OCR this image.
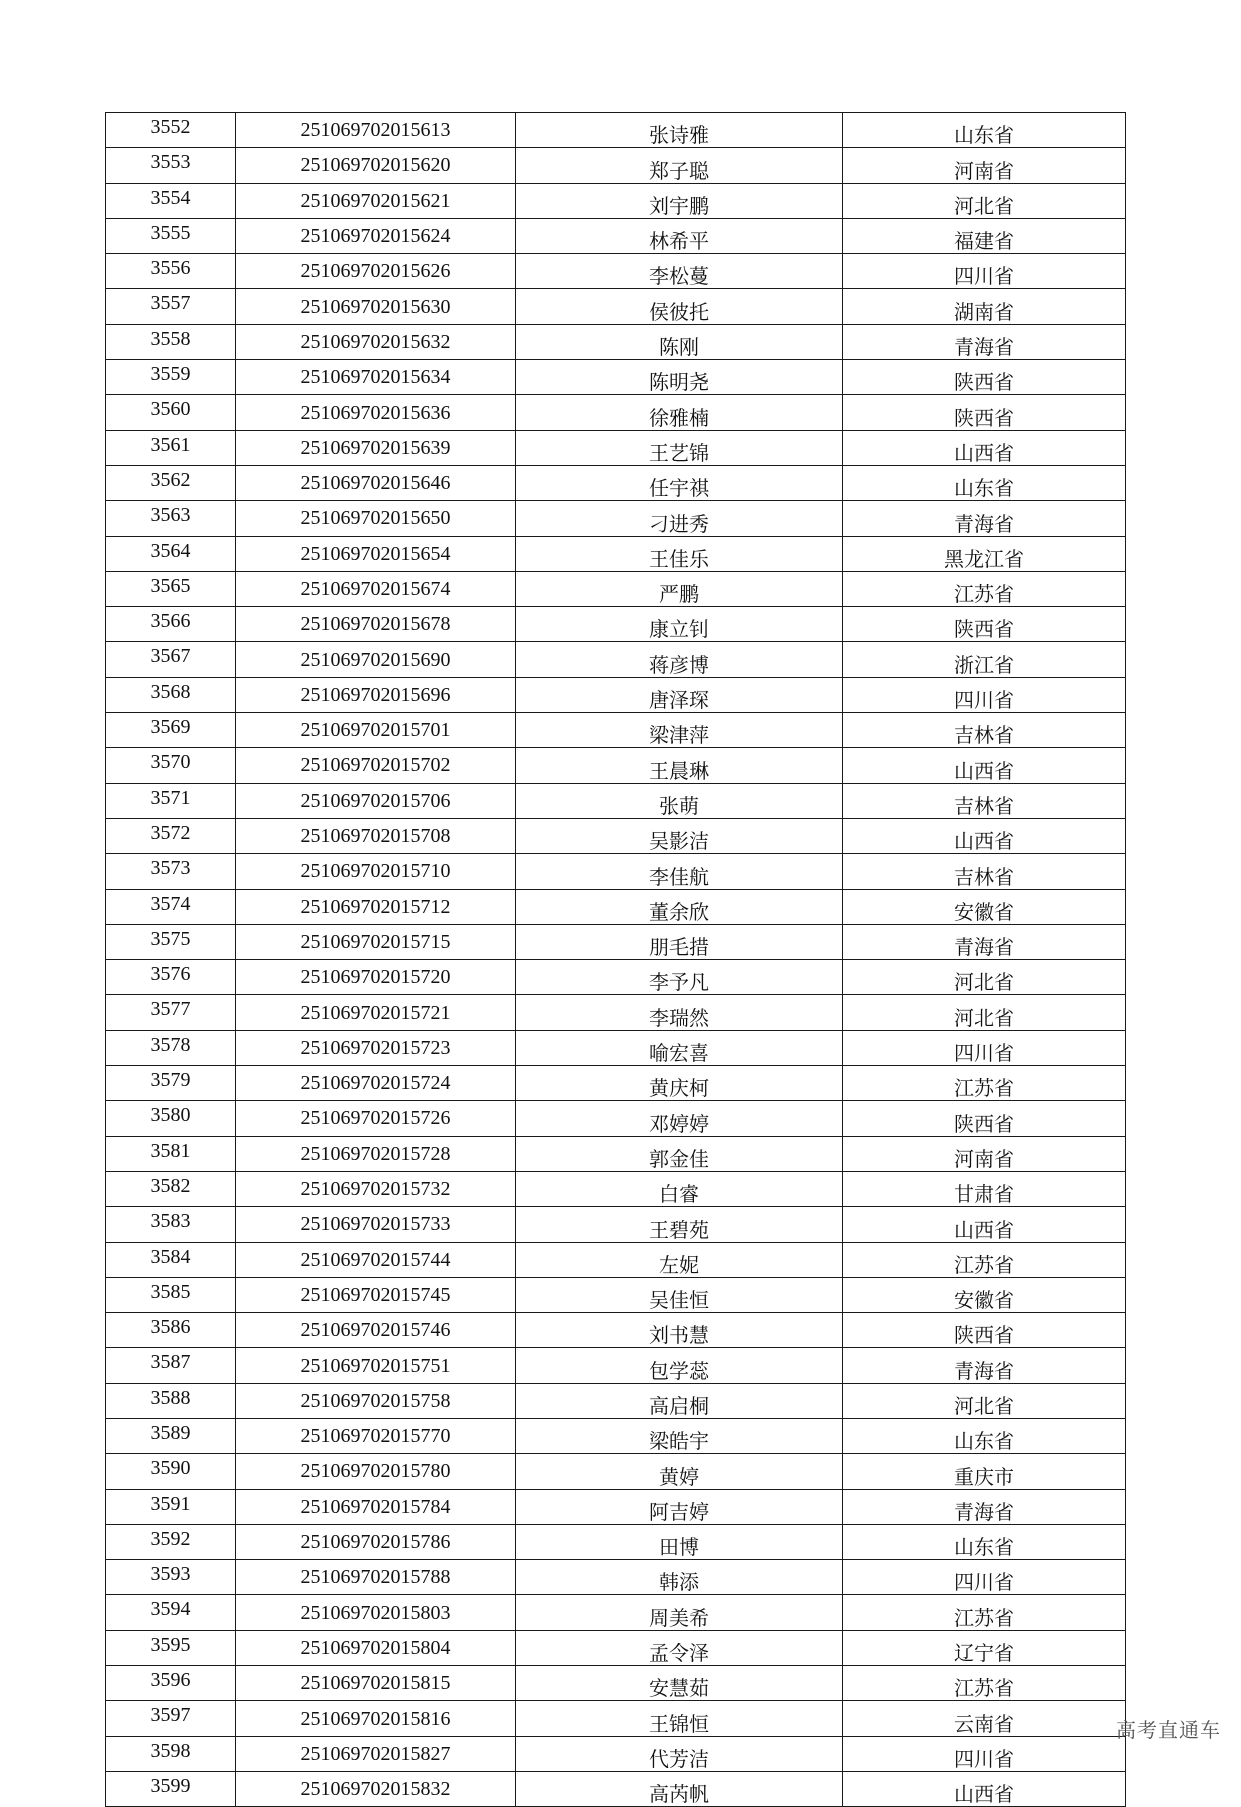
3552	251069702015613	张诗雅	山东省
3553	251069702015620	郑子聪	河南省
3554	251069702015621	刘宇鹏	河北省
3555	251069702015624	林希平	福建省
3556	251069702015626	李松蔓	四川省
3557	251069702015630	侯彼托	湖南省
3558	251069702015632	陈刚	青海省
3559	251069702015634	陈明尧	陕西省
3560	251069702015636	徐雅楠	陕西省
3561	251069702015639	王艺锦	山西省
3562	251069702015646	任宇祺	山东省
3563	251069702015650	刁进秀	青海省
3564	251069702015654	王佳乐	黑龙江省
3565	251069702015674	严鹏	江苏省
3566	251069702015678	康立钊	陕西省
3567	251069702015690	蒋彦博	浙江省
3568	251069702015696	唐泽琛	四川省
3569	251069702015701	梁津萍	吉林省
3570	251069702015702	王晨琳	山西省
3571	251069702015706	张萌	吉林省
3572	251069702015708	吴影洁	山西省
3573	251069702015710	李佳航	吉林省
3574	251069702015712	董余欣	安徽省
3575	251069702015715	朋毛措	青海省
3576	251069702015720	李予凡	河北省
3577	251069702015721	李瑞然	河北省
3578	251069702015723	喻宏喜	四川省
3579	251069702015724	黄庆柯	江苏省
3580	251069702015726	邓婷婷	陕西省
3581	251069702015728	郭金佳	河南省
3582	251069702015732	白睿	甘肃省
3583	251069702015733	王碧苑	山西省
3584	251069702015744	左妮	江苏省
3585	251069702015745	吴佳恒	安徽省
3586	251069702015746	刘书慧	陕西省
3587	251069702015751	包学蕊	青海省
3588	251069702015758	高启桐	河北省
3589	251069702015770	梁皓宇	山东省
3590	251069702015780	黄婷	重庆市
3591	251069702015784	阿吉婷	青海省
3592	251069702015786	田博	山东省
3593	251069702015788	韩添	四川省
3594	251069702015803	周美希	江苏省
3595	251069702015804	孟令泽	辽宁省
3596	251069702015815	安慧茹	江苏省
3597	251069702015816	王锦恒	云南省
3598	251069702015827	代芳洁	四川省
3599	251069702015832	高芮帆	山西省
高考直通车
